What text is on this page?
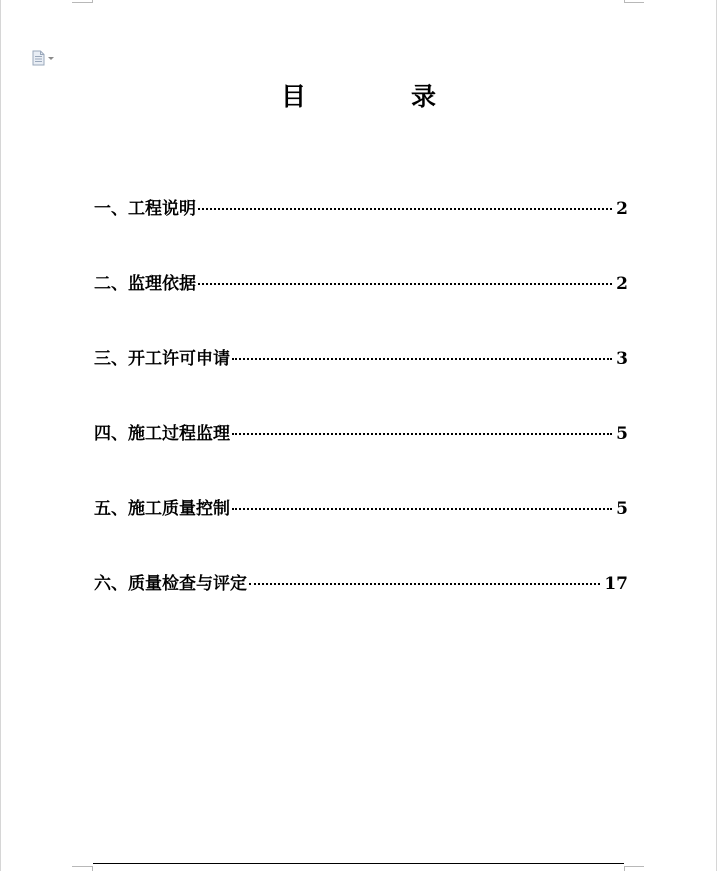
目　录
一、工程说明	2
二、监理依据	2
三、开工许可申请	3
四、施工过程监理	5
五、施工质量控制	5
六、质量检查与评定	17
